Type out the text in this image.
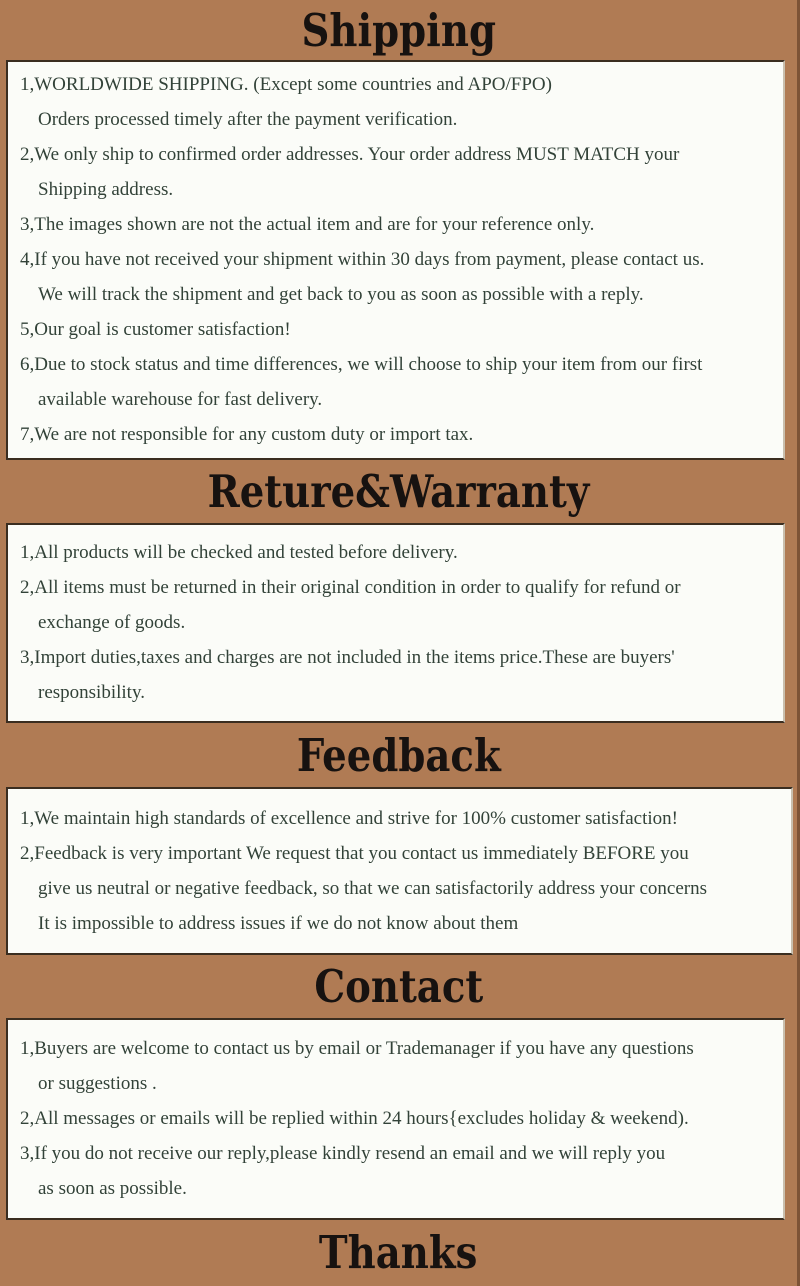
Shipping
1,WORLDWIDE SHIPPING. (Except some countries and APO/FPO)
Orders processed timely after the payment verification.
2,We only ship to confirmed order addresses. Your order address MUST MATCH your
Shipping address.
3,The images shown are not the actual item and are for your reference only.
4,If you have not received your shipment within 30 days from payment, please contact us.
We will track the shipment and get back to you as soon as possible with a reply.
5,Our goal is customer satisfaction!
6,Due to stock status and time differences, we will choose to ship your item from our first
available warehouse for fast delivery.
7,We are not responsible for any custom duty or import tax.
Reture&Warranty
1,All products will be checked and tested before delivery.
2,All items must be returned in their original condition in order to qualify for refund or
exchange of goods.
3,Import duties,taxes and charges are not included in the items price.These are buyers'
responsibility.
Feedback
1,We maintain high standards of excellence and strive for 100% customer satisfaction!
2,Feedback is very important We request that you contact us immediately BEFORE you
give us neutral or negative feedback, so that we can satisfactorily address your concerns
It is impossible to address issues if we do not know about them
Contact
1,Buyers are welcome to contact us by email or Trademanager if you have any questions
or suggestions .
2,All messages or emails will be replied within 24 hours{excludes holiday & weekend).
3,If you do not receive our reply,please kindly resend an email and we will reply you
as soon as possible.
Thanks
